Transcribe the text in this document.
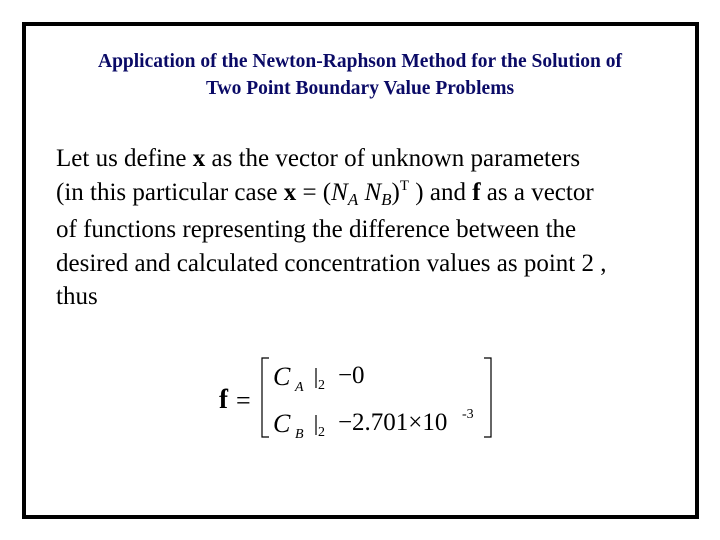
Application of the Newton-Raphson Method for the Solution of
Two Point Boundary Value Problems
Let us define x as the vector of unknown parameters
(in this particular case $x = (N_A$ $N_B)^T$ ) and f as a vector
of functions representing the difference between the
desired and calculated concentration values as point 2 ,
thus
f =
C A 2 − 0
C B 2 − 2.701×10 -3
